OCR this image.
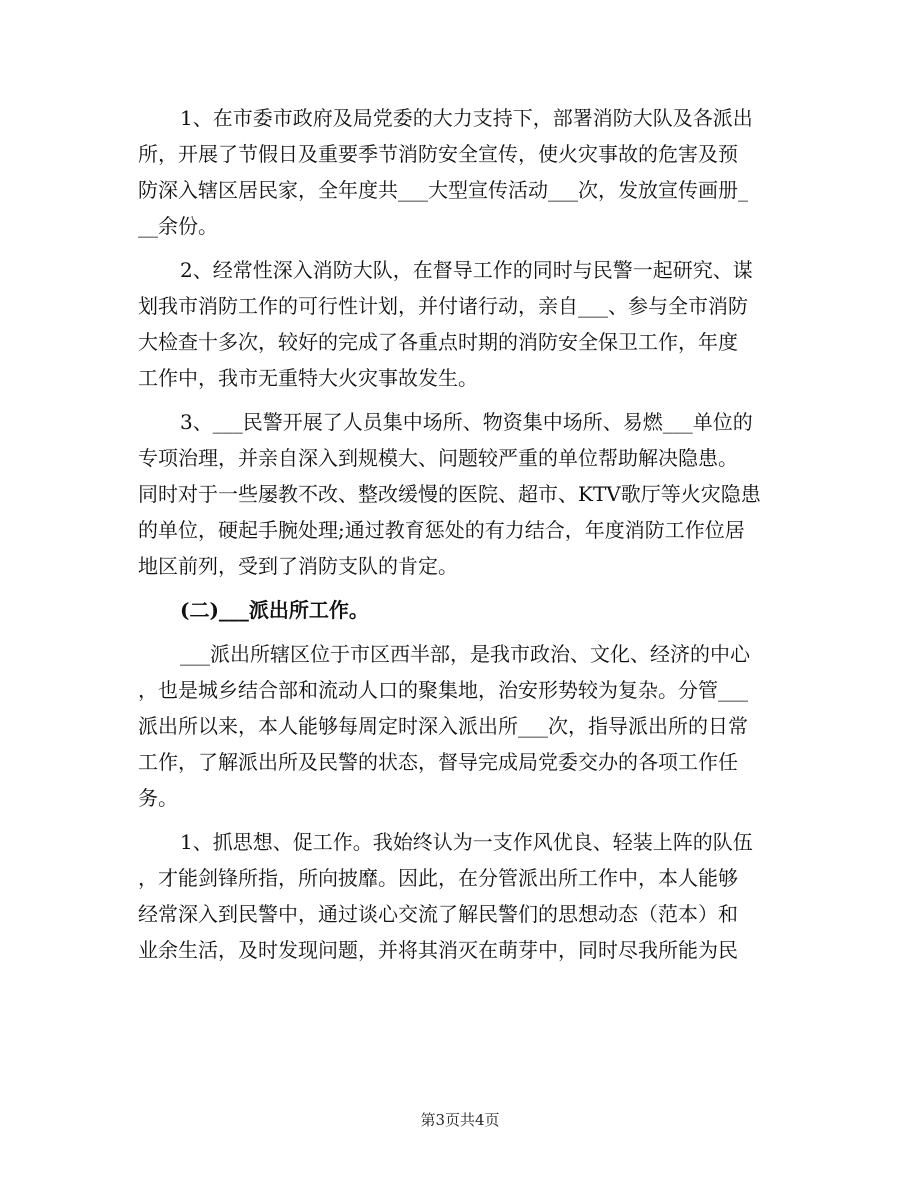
1、在市委市政府及局党委的大力支持下，部署消防大队及各派出
所，开展了节假日及重要季节消防安全宣传，使火灾事故的危害及预
防深入辖区居民家，全年度共___大型宣传活动___次，发放宣传画册_
__余份。
2、经常性深入消防大队，在督导工作的同时与民警一起研究、谋
划我市消防工作的可行性计划，并付诸行动，亲自___、参与全市消防
大检查十多次，较好的完成了各重点时期的消防安全保卫工作，年度
工作中，我市无重特大火灾事故发生。
3、___民警开展了人员集中场所、物资集中场所、易燃___单位的
专项治理，并亲自深入到规模大、问题较严重的单位帮助解决隐患。
同时对于一些屡教不改、整改缓慢的医院、超市、KTV歌厅等火灾隐患
的单位，硬起手腕处理;通过教育惩处的有力结合，年度消防工作位居
地区前列，受到了消防支队的肯定。
(二)___派出所工作。
___派出所辖区位于市区西半部，是我市政治、文化、经济的中心
，也是城乡结合部和流动人口的聚集地，治安形势较为复杂。分管___
派出所以来，本人能够每周定时深入派出所___次，指导派出所的日常
工作，了解派出所及民警的状态，督导完成局党委交办的各项工作任
务。
1、抓思想、促工作。我始终认为一支作风优良、轻装上阵的队伍
，才能剑锋所指，所向披靡。因此，在分管派出所工作中，本人能够
经常深入到民警中，通过谈心交流了解民警们的思想动态（范本）和
业余生活，及时发现问题，并将其消灭在萌芽中，同时尽我所能为民
第3页共4页
